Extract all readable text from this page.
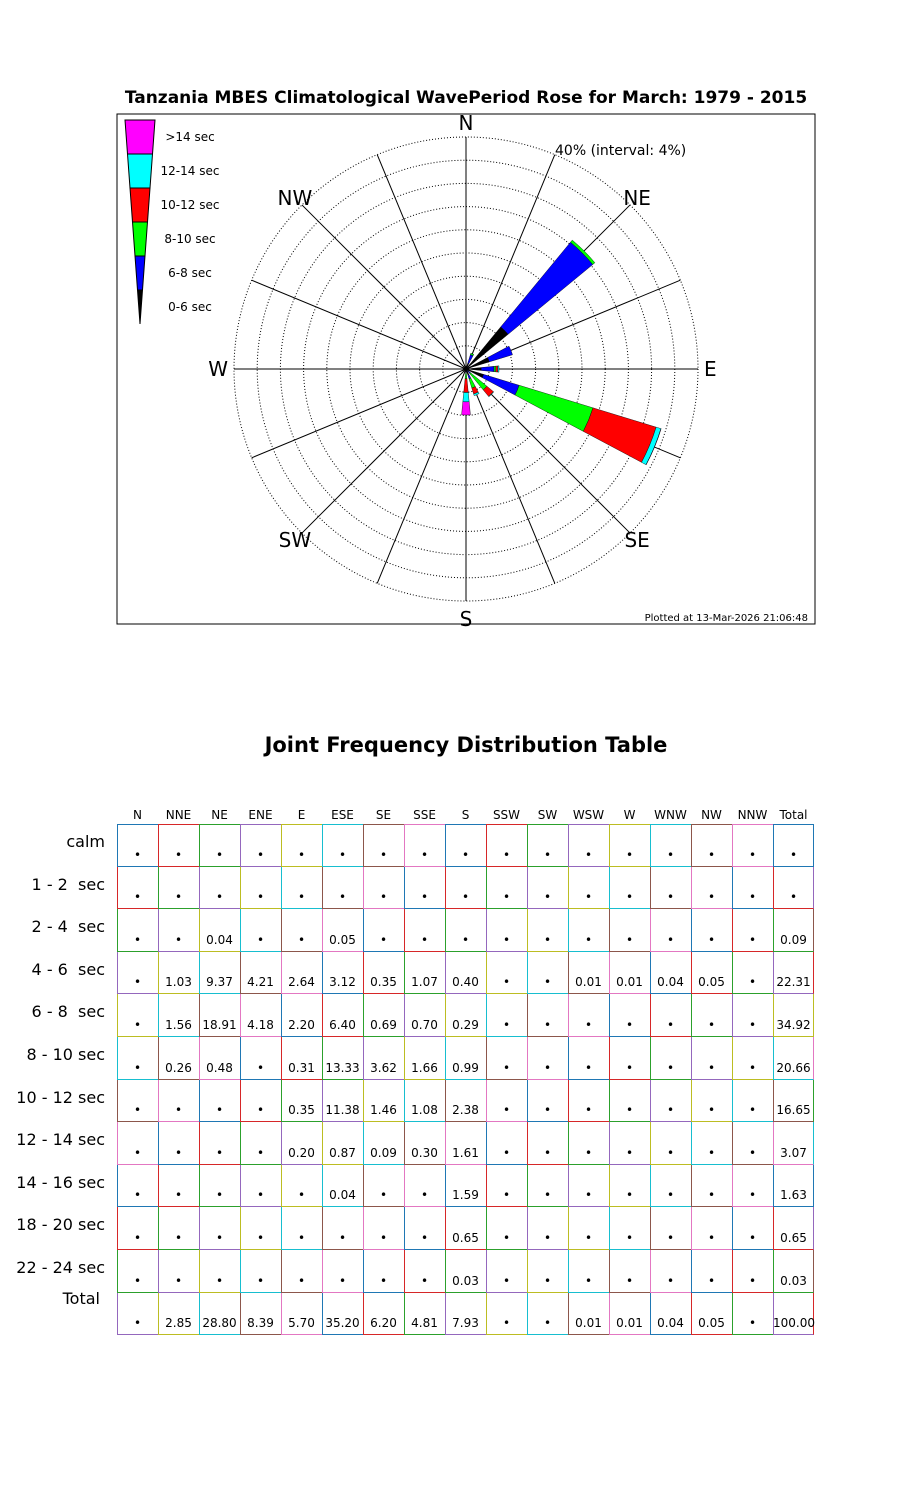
N
NE
E
SE
S
SW
W
NW
40% (interval: 4%)
Plotted at 13-Mar-2026 21:06:48
>14 sec
12-14 sec
10-12 sec
8-10 sec
6-8 sec
0-6 sec
Tanzania MBES Climatological WavePeriod Rose for March: 1979 - 2015
Joint Frequency Distribution Table
N	NNE	NE	ENE	E	ESE	SE	SSE	S	SSW	SW	WSW	W	WNW	NW	NNW	Total
calm
•	•	•	•	•	•	•	•	•	•	•	•	•	•	•	•	•
1 - 2  sec
•	•	•	•	•	•	•	•	•	•	•	•	•	•	•	•	•
2 - 4  sec
•	•	0.04	•	•	0.05	•	•	•	•	•	•	•	•	•	•	0.09
4 - 6  sec
•	1.03	9.37	4.21	2.64	3.12	0.35	1.07	0.40	•	•	0.01	0.01	0.04	0.05	•	22.31
6 - 8  sec
•	1.56 18.91 4.18	2.20	6.40	0.69	0.70	0.29	•	•	•	•	•	•	•	34.92
8 - 10 sec
•	0.26	0.48	•	0.31 13.33 3.62	1.66	0.99	•	•	•	•	•	•	•	20.66
10 - 12 sec
•	•	•	•	0.35 11.38 1.46	1.08	2.38	•	•	•	•	•	•	•	16.65
12 - 14 sec
•	•	•	•	0.20	0.87	0.09	0.30	1.61	•	•	•	•	•	•	•	3.07
14 - 16 sec
•	•	•	•	•	0.04	•	•	1.59	•	•	•	•	•	•	•	1.63
18 - 20 sec
•	•	•	•	•	•	•	•	0.65	•	•	•	•	•	•	•	0.65
22 - 24 sec
•	•	•	•	•	•	•	•	0.03	•	•	•	•	•	•	•	0.03
Total
•	2.85 28.80 8.39	5.70 35.20 6.20	4.81	7.93	•	•	0.01	0.01	0.04	0.05	•	100.00
